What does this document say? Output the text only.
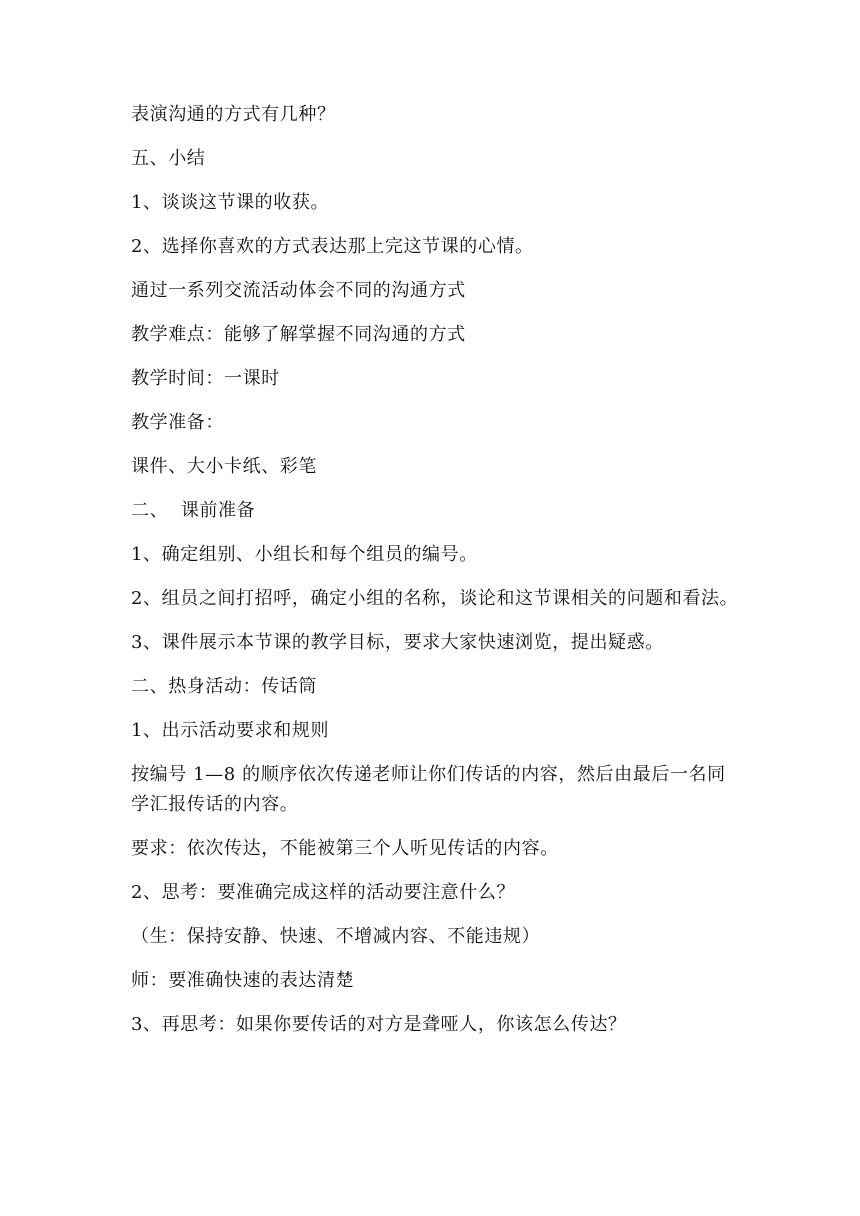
表演沟通的方式有几种？

五、小结

1、谈谈这节课的收获。

2、选择你喜欢的方式表达那上完这节课的心情。

通过一系列交流活动体会不同的沟通方式

教学难点：能够了解掌握不同沟通的方式

教学时间：一课时

教学准备：

课件、大小卡纸、彩笔

二、  课前准备

1、确定组别、小组长和每个组员的编号。

2、组员之间打招呼，确定小组的名称，谈论和这节课相关的问题和看法。

3、课件展示本节课的教学目标，要求大家快速浏览，提出疑惑。

二、热身活动：传话筒

1、出示活动要求和规则

按编号 1—8 的顺序依次传递老师让你们传话的内容，然后由最后一名同学汇报传话的内容。

要求：依次传达，不能被第三个人听见传话的内容。

2、思考：要准确完成这样的活动要注意什么？

（生：保持安静、快速、不增减内容、不能违规）

师：要准确快速的表达清楚

3、再思考：如果你要传话的对方是聋哑人，你该怎么传达？
